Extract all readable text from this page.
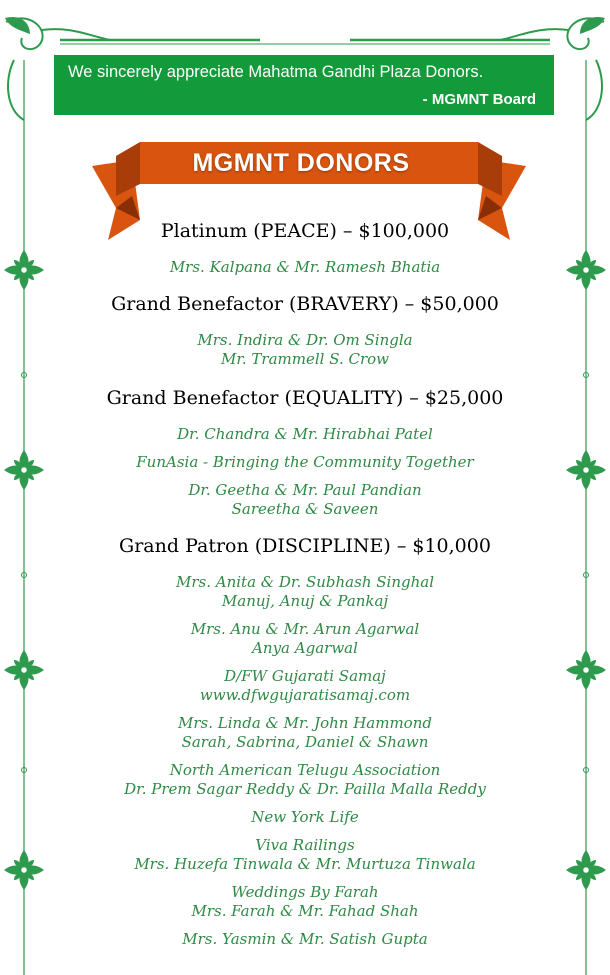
We sincerely appreciate Mahatma Gandhi Plaza Donors.
- MGMNT Board
MGMNT DONORS
Platinum (PEACE) – $100,000
Mrs. Kalpana & Mr. Ramesh Bhatia
Grand Benefactor (BRAVERY) – $50,000
Mrs. Indira & Dr. Om Singla
Mr. Trammell S. Crow
Grand Benefactor (EQUALITY) – $25,000
Dr. Chandra & Mr. Hirabhai Patel
FunAsia - Bringing the Community Together
Dr. Geetha & Mr. Paul Pandian
Sareetha & Saveen
Grand Patron (DISCIPLINE) – $10,000
Mrs. Anita & Dr. Subhash Singhal
Manuj, Anuj & Pankaj
Mrs. Anu & Mr. Arun Agarwal
Anya Agarwal
D/FW Gujarati Samaj
www.dfwgujaratisamaj.com
Mrs. Linda & Mr. John Hammond
Sarah, Sabrina, Daniel & Shawn
North American Telugu Association
Dr. Prem Sagar Reddy & Dr. Pailla Malla Reddy
New York Life
Viva Railings
Mrs. Huzefa Tinwala & Mr. Murtuza Tinwala
Weddings By Farah
Mrs. Farah & Mr. Fahad Shah
Mrs. Yasmin & Mr. Satish Gupta
